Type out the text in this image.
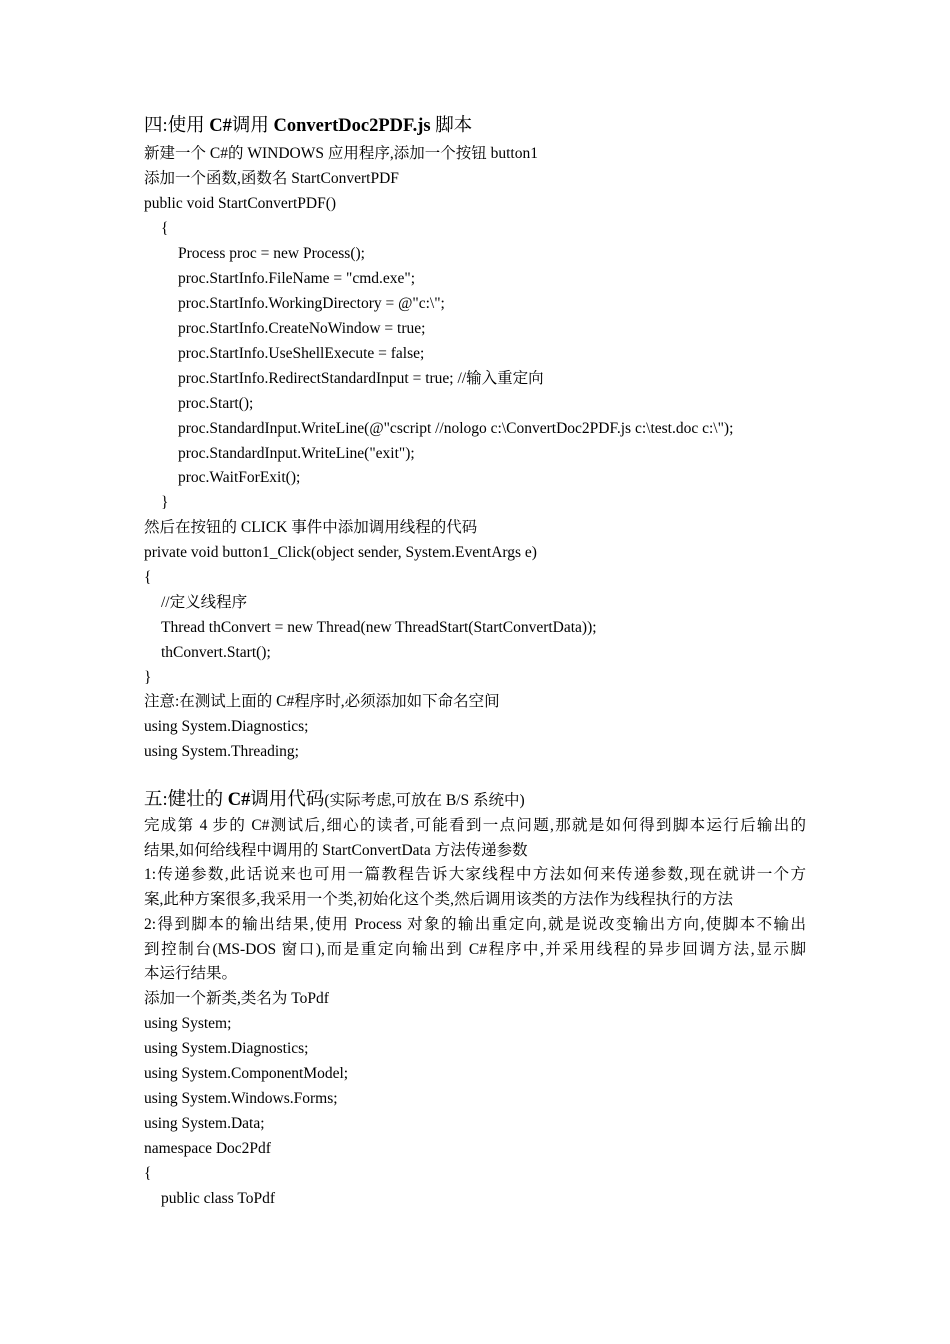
四:使用 C#调用 ConvertDoc2PDF.js 脚本
新建一个 C#的 WINDOWS 应用程序,添加一个按钮 button1
添加一个函数,函数名 StartConvertPDF
public void StartConvertPDF()
{
Process proc = new Process();
proc.StartInfo.FileName = "cmd.exe";
proc.StartInfo.WorkingDirectory = @"c:\";
proc.StartInfo.CreateNoWindow = true;
proc.StartInfo.UseShellExecute = false;
proc.StartInfo.RedirectStandardInput = true; //输入重定向
proc.Start();
proc.StandardInput.WriteLine(@"cscript //nologo c:\ConvertDoc2PDF.js c:\test.doc c:\");
proc.StandardInput.WriteLine("exit");
proc.WaitForExit();
}
然后在按钮的 CLICK 事件中添加调用线程的代码
private void button1_Click(object sender, System.EventArgs e)
{
//定义线程序
Thread thConvert = new Thread(new ThreadStart(StartConvertData));
thConvert.Start();
}
注意:在测试上面的 C#程序时,必须添加如下命名空间
using System.Diagnostics;
using System.Threading;
五:健壮的 C#调用代码(实际考虑,可放在 B/S 系统中)
完成第 4 步的 C#测试后,细心的读者,可能看到一点问题,那就是如何得到脚本运行后输出的
结果,如何给线程中调用的 StartConvertData 方法传递参数
1:传递参数,此话说来也可用一篇教程告诉大家线程中方法如何来传递参数,现在就讲一个方
案,此种方案很多,我采用一个类,初始化这个类,然后调用该类的方法作为线程执行的方法
2:得到脚本的输出结果,使用 Process 对象的输出重定向,就是说改变输出方向,使脚本不输出
到控制台(MS-DOS 窗口),而是重定向输出到 C#程序中,并采用线程的异步回调方法,显示脚
本运行结果。
添加一个新类,类名为 ToPdf
using System;
using System.Diagnostics;
using System.ComponentModel;
using System.Windows.Forms;
using System.Data;
namespace Doc2Pdf
{
public class ToPdf
